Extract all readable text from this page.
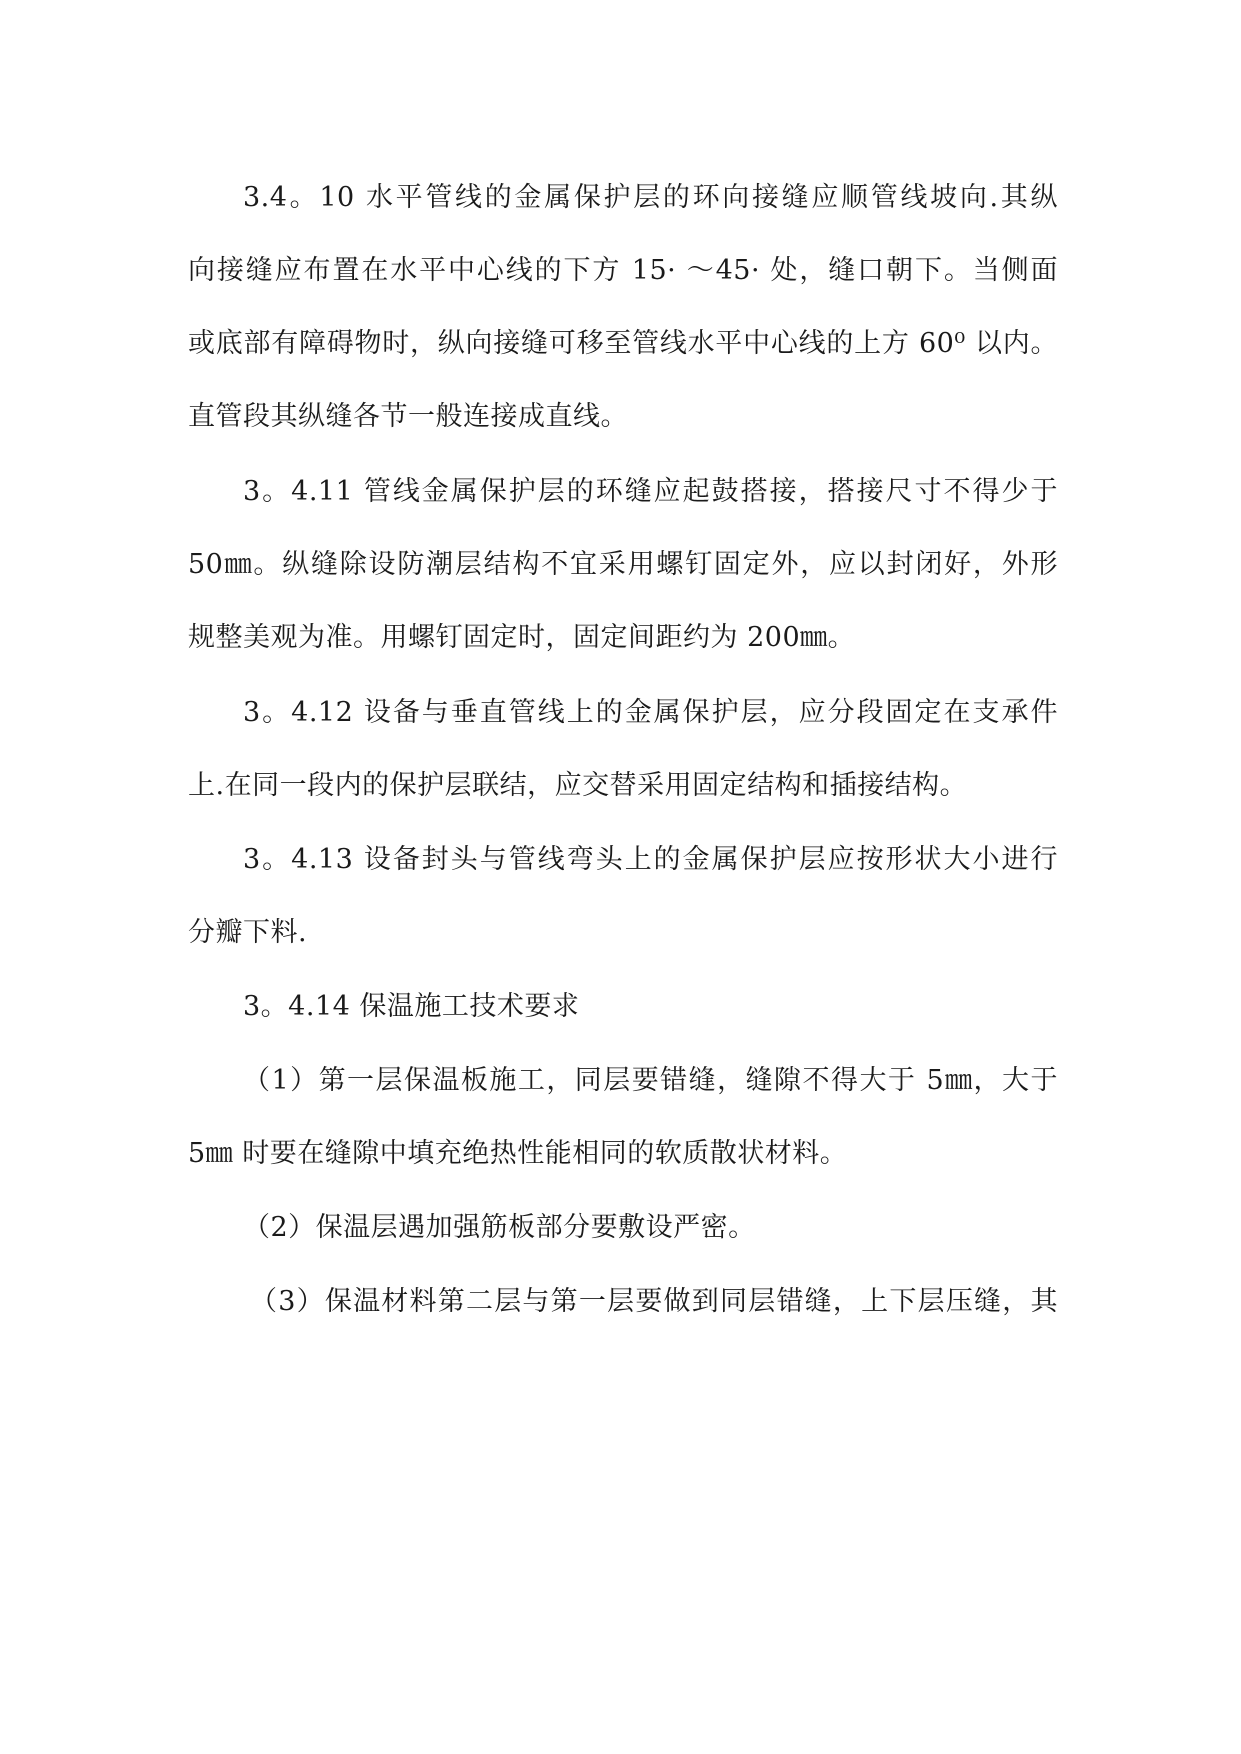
3.4。10 水平管线的金属保护层的环向接缝应顺管线坡向.其纵
向接缝应布置在水平中心线的下方 15· ～45· 处，缝口朝下。当侧面
或底部有障碍物时，纵向接缝可移至管线水平中心线的上方 60⁰ 以内。
直管段其纵缝各节一般连接成直线。
3。4.11 管线金属保护层的环缝应起鼓搭接，搭接尺寸不得少于
50㎜。纵缝除设防潮层结构不宜采用螺钉固定外，应以封闭好，外形
规整美观为准。用螺钉固定时，固定间距约为 200㎜。
3。4.12 设备与垂直管线上的金属保护层，应分段固定在支承件
上.在同一段内的保护层联结，应交替采用固定结构和插接结构。
3。4.13 设备封头与管线弯头上的金属保护层应按形状大小进行
分瓣下料.
3。4.14 保温施工技术要求
（1）第一层保温板施工，同层要错缝，缝隙不得大于 5㎜，大于
5㎜ 时要在缝隙中填充绝热性能相同的软质散状材料。
（2）保温层遇加强筋板部分要敷设严密。
（3）保温材料第二层与第一层要做到同层错缝，上下层压缝，其
